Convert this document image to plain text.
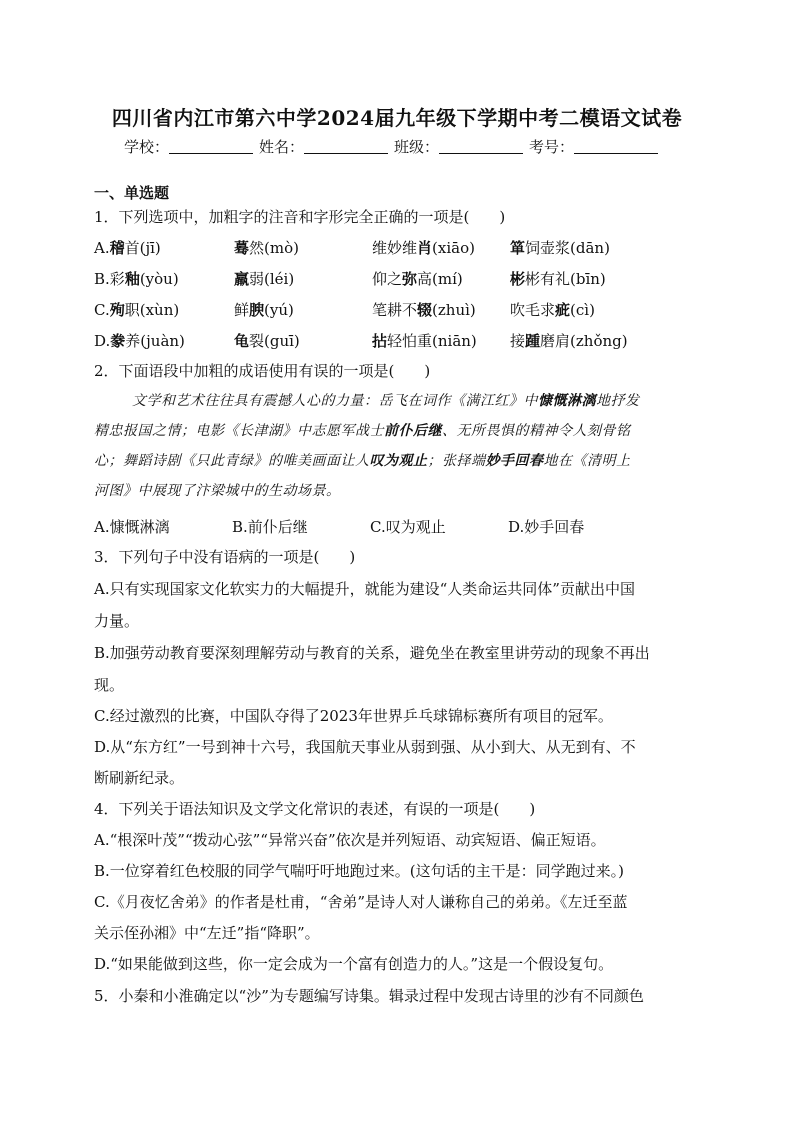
四川省内江市第六中学2024届九年级下学期中考二模语文试卷
学校：	姓名：	班级：	考号：
一、单选题
1．下列选项中，加粗字的注音和字形完全正确的一项是(　　)
A.稽首(jī)	蓦然(mò)	维妙维肖(xiāo) 箪饲壶浆(dān)
B.彩釉(yòu)	羸弱(léi)	仰之弥高(mí)	彬彬有礼(bīn)
C.殉职(xùn)	鲜腴(yú)	笔耕不辍(zhuì) 吹毛求疵(cì)
D.豢养(juàn)	龟裂(guī)	拈轻怕重(niān) 接踵磨肩(zhǒng)
2．下面语段中加粗的成语使用有误的一项是(　　)
文学和艺术往往具有震撼人心的力量：岳飞在词作《满江红》中慷慨淋漓地抒发
精忠报国之情；电影《长津湖》中志愿军战士前仆后继、无所畏惧的精神令人刻骨铭
心；舞蹈诗剧《只此青绿》的唯美画面让人叹为观止；张择端妙手回春地在《清明上
河图》中展现了汴梁城中的生动场景。
A.慷慨淋漓	B.前仆后继	C.叹为观止	D.妙手回春
3．下列句子中没有语病的一项是(　　)
A.只有实现国家文化软实力的大幅提升，就能为建设“人类命运共同体”贡献出中国
力量。
B.加强劳动教育要深刻理解劳动与教育的关系，避免坐在教室里讲劳动的现象不再出
现。
C.经过激烈的比赛，中国队夺得了2023年世界乒乓球锦标赛所有项目的冠军。
D.从“东方红”一号到神十六号，我国航天事业从弱到强、从小到大、从无到有、不
断刷新纪录。
4．下列关于语法知识及文学文化常识的表述，有误的一项是(　　)
A.“根深叶茂”“拨动心弦”“异常兴奋”依次是并列短语、动宾短语、偏正短语。
B.一位穿着红色校服的同学气喘吁吁地跑过来。(这句话的主干是：同学跑过来。)
C.《月夜忆舍弟》的作者是杜甫，“舍弟”是诗人对人谦称自己的弟弟。《左迁至蓝
关示侄孙湘》中“左迁”指“降职”。
D.“如果能做到这些，你一定会成为一个富有创造力的人。”这是一个假设复句。
5．小秦和小淮确定以“沙”为专题编写诗集。辑录过程中发现古诗里的沙有不同颜色
